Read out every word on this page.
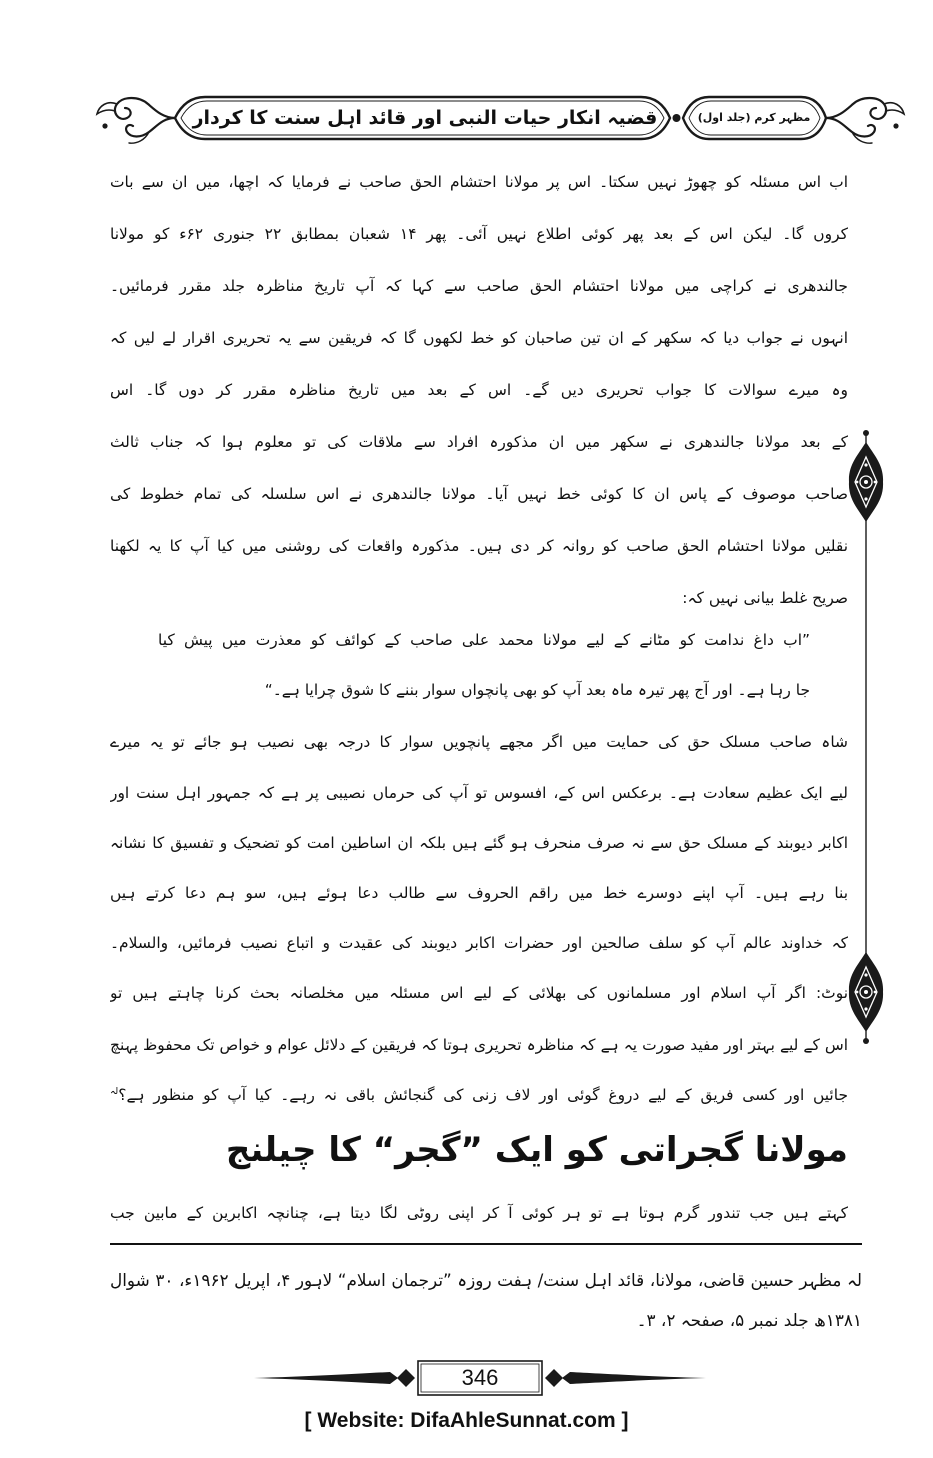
قضیہ انکار حیات النبی اور قائد اہل سنت کا کردار	مظہر کرم (جلد اول)
اب اس مسئلہ کو چھوڑ نہیں سکتا۔ اس پر مولانا احتشام الحق صاحب نے فرمایا کہ اچھا، میں ان سے بات
کروں گا۔ لیکن اس کے بعد پھر کوئی اطلاع نہیں آئی۔ پھر ۱۴ شعبان بمطابق ۲۲ جنوری ۶۲ء کو مولانا
جالندھری نے کراچی میں مولانا احتشام الحق صاحب سے کہا کہ آپ تاریخ مناظرہ جلد مقرر فرمائیں۔
انہوں نے جواب دیا کہ سکھر کے ان تین صاحبان کو خط لکھوں گا کہ فریقین سے یہ تحریری اقرار لے لیں کہ
وہ میرے سوالات کا جواب تحریری دیں گے۔ اس کے بعد میں تاریخ مناظرہ مقرر کر دوں گا۔ اس
کے بعد مولانا جالندھری نے سکھر میں ان مذکورہ افراد سے ملاقات کی تو معلوم ہوا کہ جناب ثالث
صاحب موصوف کے پاس ان کا کوئی خط نہیں آیا۔ مولانا جالندھری نے اس سلسلہ کی تمام خطوط کی
نقلیں مولانا احتشام الحق صاحب کو روانہ کر دی ہیں۔ مذکورہ واقعات کی روشنی میں کیا آپ کا یہ لکھنا
صریح غلط بیانی نہیں کہ:
”اب داغ ندامت کو مٹانے کے لیے مولانا محمد علی صاحب کے کوائف کو معذرت میں پیش کیا
جا رہا ہے۔ اور آج پھر تیرہ ماہ بعد آپ کو بھی پانچواں سوار بننے کا شوق چرایا ہے۔“
شاہ صاحب مسلک حق کی حمایت میں اگر مجھے پانچویں سوار کا درجہ بھی نصیب ہو جائے تو یہ میرے
لیے ایک عظیم سعادت ہے۔ برعکس اس کے، افسوس تو آپ کی حرماں نصیبی پر ہے کہ جمہور اہل سنت اور
اکابر دیوبند کے مسلک حق سے نہ صرف منحرف ہو گئے ہیں بلکہ ان اساطین امت کو تضحیک و تفسیق کا نشانہ
بنا رہے ہیں۔ آپ اپنے دوسرے خط میں راقم الحروف سے طالب دعا ہوئے ہیں، سو ہم دعا کرتے ہیں
کہ خداوند عالم آپ کو سلف صالحین اور حضرات اکابر دیوبند کی عقیدت و اتباع نصیب فرمائیں، والسلام۔
نوٹ: اگر آپ اسلام اور مسلمانوں کی بھلائی کے لیے اس مسئلہ میں مخلصانہ بحث کرنا چاہتے ہیں تو
اس کے لیے بہتر اور مفید صورت یہ ہے کہ مناظرہ تحریری ہوتا کہ فریقین کے دلائل عوام و خواص تک محفوظ پہنچ
جائیں اور کسی فریق کے لیے دروغ گوئی اور لاف زنی کی گنجائش باقی نہ رہے۔ کیا آپ کو منظور ہے؟$^{لہ}$
مولانا گجراتی کو ایک ”گجر“ کا چیلنج
کہتے ہیں جب تندور گرم ہوتا ہے تو ہر کوئی آ کر اپنی روٹی لگا دیتا ہے، چنانچہ اکابرین کے مابین جب
لہ مظہر حسین قاضی، مولانا، قائد اہل سنت/ ہفت روزہ ”ترجمان اسلام“ لاہور ۴، اپریل ۱۹۶۲ء، ۳۰ شوال
۱۳۸۱ھ جلد نمبر ۵، صفحہ ۲، ۳۔
346
[ Website: DifaAhleSunnat.com ]
